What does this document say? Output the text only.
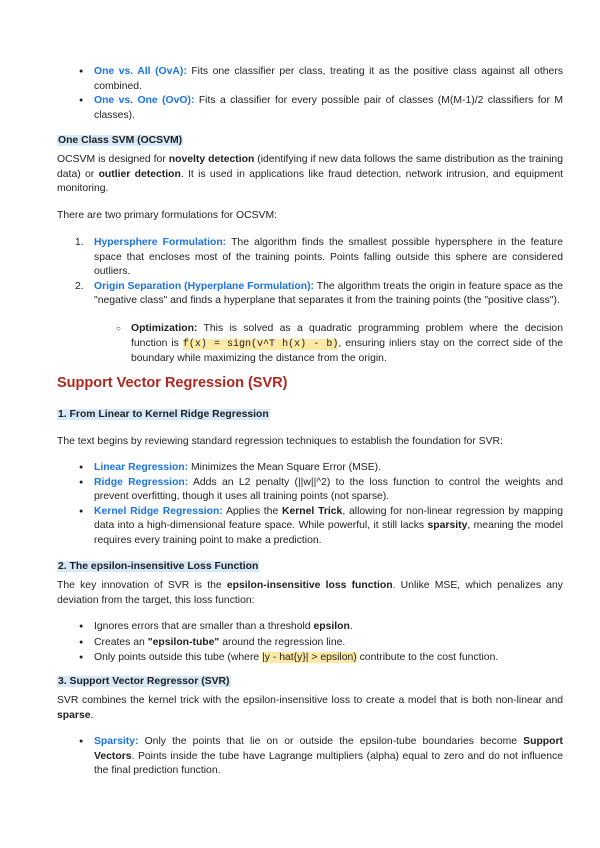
● One vs. All (OvA): Fits one classifier per class, treating it as the positive class against all others combined.
● One vs. One (OvO): Fits a classifier for every possible pair of classes (M(M-1)/2 classifiers for M classes).
One Class SVM (OCSVM)
OCSVM is designed for novelty detection (identifying if new data follows the same distribution as the training data) or outlier detection. It is used in applications like fraud detection, network intrusion, and equipment monitoring.
There are two primary formulations for OCSVM:
1. Hypersphere Formulation: The algorithm finds the smallest possible hypersphere in the feature space that encloses most of the training points. Points falling outside this sphere are considered outliers.
2. Origin Separation (Hyperplane Formulation): The algorithm treats the origin in feature space as the "negative class" and finds a hyperplane that separates it from the training points (the "positive class").
○ Optimization: This is solved as a quadratic programming problem where the decision function is f(x) = sign(v^T h(x) - b), ensuring inliers stay on the correct side of the boundary while maximizing the distance from the origin.
Support Vector Regression (SVR)
1. From Linear to Kernel Ridge Regression
The text begins by reviewing standard regression techniques to establish the foundation for SVR:
● Linear Regression: Minimizes the Mean Square Error (MSE).
● Ridge Regression: Adds an L2 penalty (||w||^2) to the loss function to control the weights and prevent overfitting, though it uses all training points (not sparse).
● Kernel Ridge Regression: Applies the Kernel Trick, allowing for non-linear regression by mapping data into a high-dimensional feature space. While powerful, it still lacks sparsity, meaning the model requires every training point to make a prediction.
2. The epsilon-insensitive Loss Function
The key innovation of SVR is the epsilon-insensitive loss function. Unlike MSE, which penalizes any deviation from the target, this loss function:
● Ignores errors that are smaller than a threshold epsilon.
● Creates an "epsilon-tube" around the regression line.
● Only points outside this tube (where |y - hat{y}| > epsilon) contribute to the cost function.
3. Support Vector Regressor (SVR)
SVR combines the kernel trick with the epsilon-insensitive loss to create a model that is both non-linear and sparse.
● Sparsity: Only the points that lie on or outside the epsilon-tube boundaries become Support Vectors. Points inside the tube have Lagrange multipliers (alpha) equal to zero and do not influence the final prediction function.
